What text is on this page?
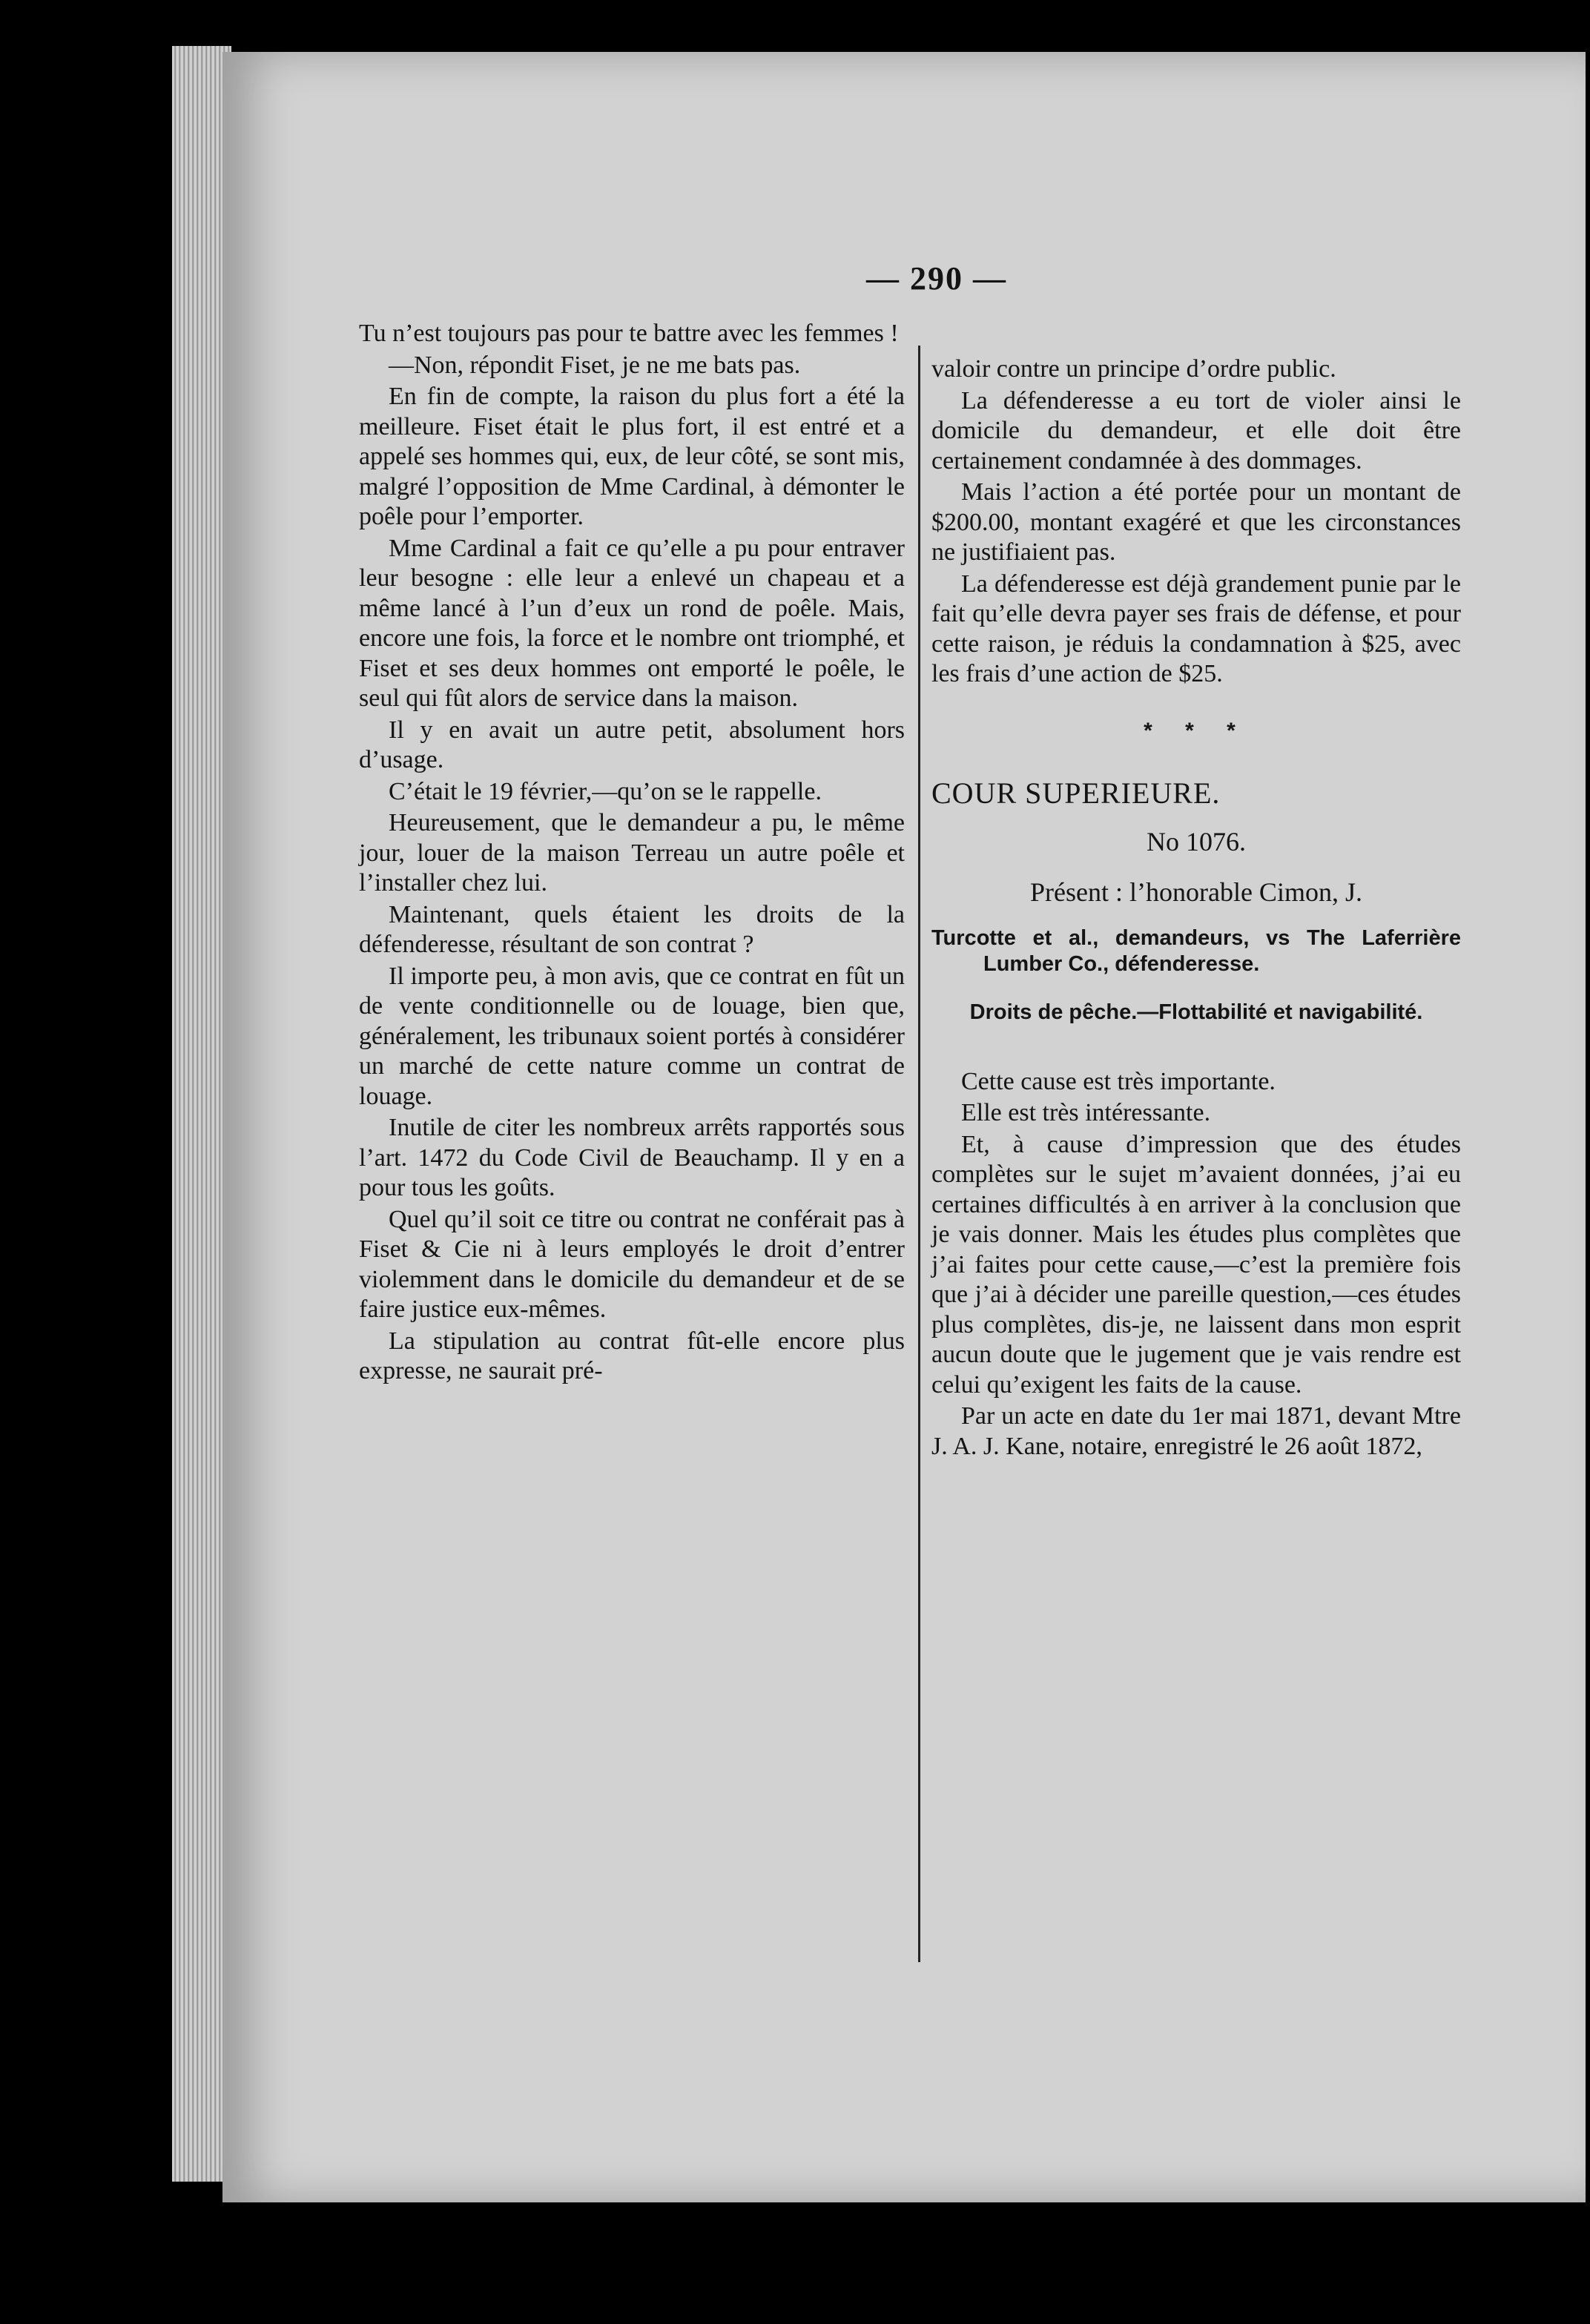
— 290 —

Tu n’est toujours pas pour te battre avec les femmes !

—Non, répondit Fiset, je ne me bats pas.

En fin de compte, la raison du plus fort a été la meilleure. Fiset était le plus fort, il est entré et a appelé ses hommes qui, eux, de leur côté, se sont mis, malgré l’opposition de Mme Cardinal, à démonter le poêle pour l’emporter.

Mme Cardinal a fait ce qu’elle a pu pour entraver leur besogne : elle leur a enlevé un chapeau et a même lancé à l’un d’eux un rond de poêle. Mais, encore une fois, la force et le nombre ont triomphé, et Fiset et ses deux hommes ont emporté le poêle, le seul qui fût alors de service dans la maison.

Il y en avait un autre petit, absolument hors d’usage.

C’était le 19 février,—qu’on se le rappelle.

Heureusement, que le demandeur a pu, le même jour, louer de la maison Terreau un autre poêle et l’installer chez lui.

Maintenant, quels étaient les droits de la défenderesse, résultant de son contrat ?

Il importe peu, à mon avis, que ce contrat en fût un de vente conditionnelle ou de louage, bien que, généralement, les tribunaux soient portés à considérer un marché de cette nature comme un contrat de louage.

Inutile de citer les nombreux arrêts rapportés sous l’art. 1472 du Code Civil de Beauchamp. Il y en a pour tous les goûts.

Quel qu’il soit ce titre ou contrat ne conférait pas à Fiset & Cie ni à leurs employés le droit d’entrer violemment dans le domicile du demandeur et de se faire justice eux-mêmes.

La stipulation au contrat fût-elle encore plus expresse, ne saurait pré-

valoir contre un principe d’ordre public.

La défenderesse a eu tort de violer ainsi le domicile du demandeur, et elle doit être certainement condamnée à des dommages.

Mais l’action a été portée pour un montant de $200.00, montant exagéré et que les circonstances ne justifiaient pas.

La défenderesse est déjà grandement punie par le fait qu’elle devra payer ses frais de défense, et pour cette raison, je réduis la condamnation à $25, avec les frais d’une action de $25.

* * *
COUR SUPERIEURE.
No 1076.
Présent : l’honorable Cimon, J.
Turcotte et al., demandeurs, vs The Laferrière Lumber Co., défenderesse.
Droits de pêche.—Flottabilité et navigabilité.

Cette cause est très importante.

Elle est très intéressante.

Et, à cause d’impression que des études complètes sur le sujet m’avaient données, j’ai eu certaines difficultés à en arriver à la conclusion que je vais donner. Mais les études plus complètes que j’ai faites pour cette cause,—c’est la première fois que j’ai à décider une pareille question,—ces études plus complètes, dis-je, ne laissent dans mon esprit aucun doute que le jugement que je vais rendre est celui qu’exigent les faits de la cause.

Par un acte en date du 1er mai 1871, devant Mtre J. A. J. Kane, notaire, enregistré le 26 août 1872,
